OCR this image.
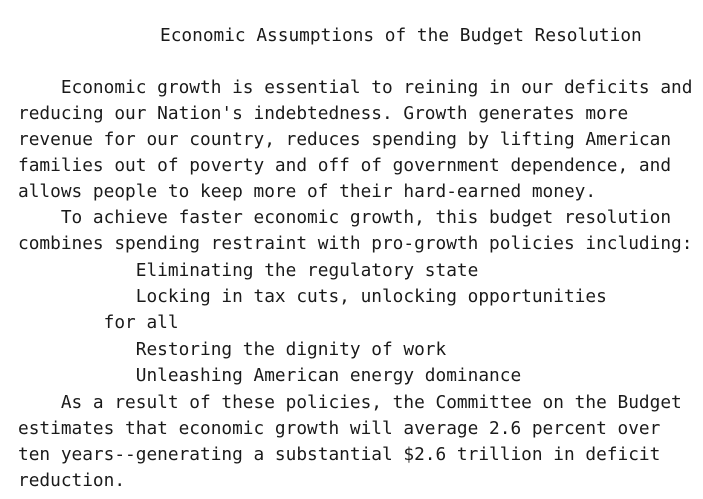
Economic Assumptions of the Budget Resolution
Economic growth is essential to reining in our deficits and
reducing our Nation's indebtedness. Growth generates more
revenue for our country, reduces spending by lifting American
families out of poverty and off of government dependence, and
allows people to keep more of their hard-earned money.
To achieve faster economic growth, this budget resolution
combines spending restraint with pro-growth policies including:
Eliminating the regulatory state
Locking in tax cuts, unlocking opportunities
for all
Restoring the dignity of work
Unleashing American energy dominance
As a result of these policies, the Committee on the Budget
estimates that economic growth will average 2.6 percent over
ten years--generating a substantial $2.6 trillion in deficit
reduction.
